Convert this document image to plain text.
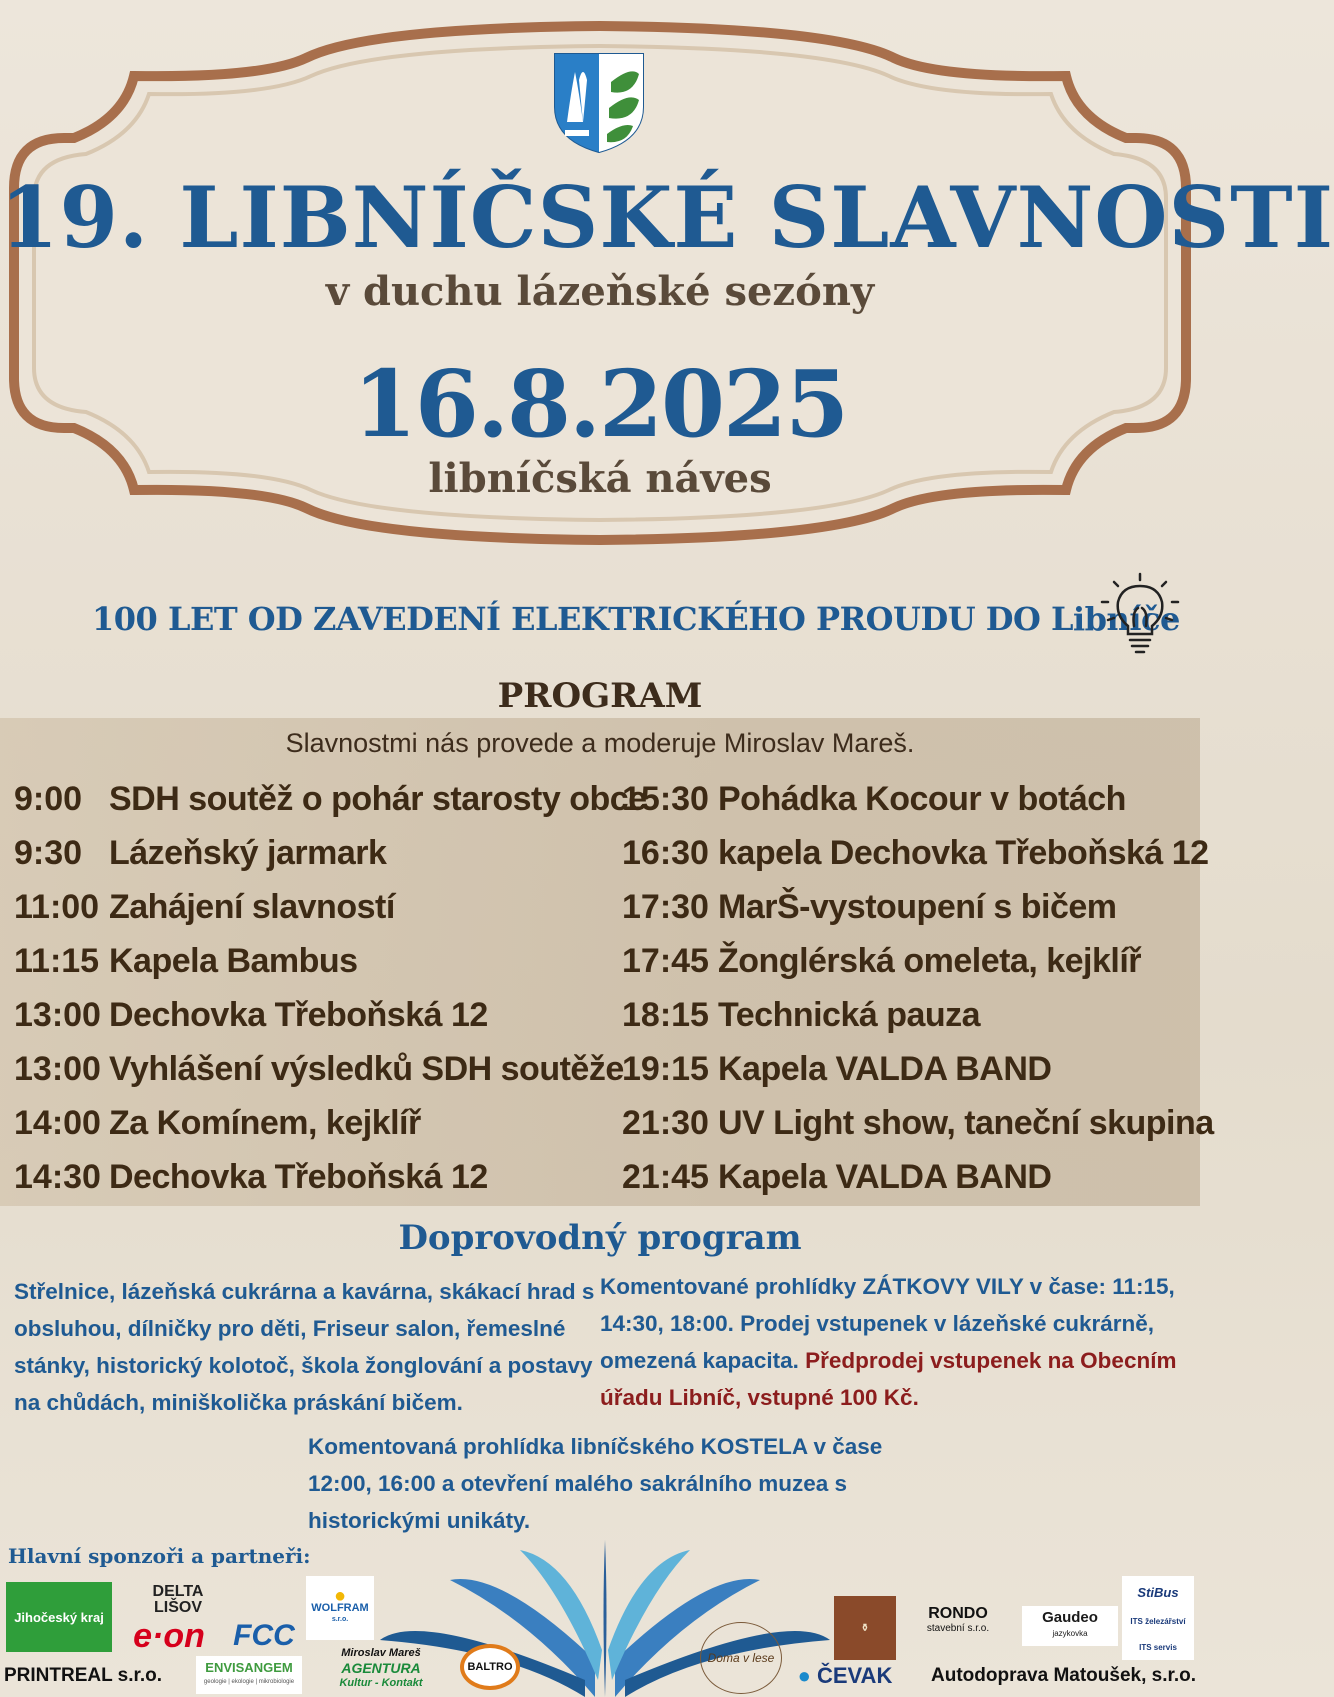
19. LIBNÍČSKÉ SLAVNOSTI
v duchu lázeňské sezóny
16.8.2025
libníčská náves
100 LET OD ZAVEDENÍ ELEKTRICKÉHO PROUDU DO Libníče
PROGRAM
Slavnostmi nás provede a moderuje Miroslav Mareš.
9:00 SDH soutěž o pohár starosty obce
9:30 Lázeňský jarmark
11:00 Zahájení slavností
11:15 Kapela Bambus
13:00 Dechovka Třeboňská 12
13:00 Vyhlášení výsledků SDH soutěže
14:00 Za Komínem, kejklíř
14:30 Dechovka Třeboňská 12
15:30 Pohádka Kocour v botách
16:30 kapela Dechovka Třeboňská 12
17:30 MarŠ-vystoupení s bičem
17:45 Žonglérská omeleta, kejklíř
18:15 Technická pauza
19:15 Kapela VALDA BAND
21:30 UV Light show, taneční skupina
21:45 Kapela VALDA BAND
Doprovodný program
Střelnice, lázeňská cukrárna a kavárna, skákací hrad s obsluhou, dílničky pro děti, Friseur salon, řemeslné stánky, historický kolotoč, škola žonglování a postavy na chůdách, miniškolička práskání bičem.
Komentované prohlídky ZÁTKOVY VILY v čase: 11:15, 14:30, 18:00. Prodej vstupenek v lázeňské cukrárně, omezená kapacita. Předprodej vstupenek na Obecním úřadu Libníč, vstupné 100 Kč.
Komentovaná prohlídka libníčského KOSTELA v čase 12:00, 16:00 a otevření malého sakrálního muzea s historickými unikáty.
Hlavní sponzoři a partneři:
Jihočeský kraj
DELTA
LIŠOV
e·on FCC
PRINTREAL s.r.o.	ENVISANGEM
geologie | ekologie | mikrobiologie
●
WOLFRAM
s.r.o.
Miroslav Mareš
AGENTURA
Kultur - Kontakt
BALTRO
Doma v lese
⚱
● ČEVAK
RONDO
stavební s.r.o.
Gaudeo
jazykovka
StiBus
ITS železářství
ITS servis
Autodoprava Matoušek, s.r.o.
